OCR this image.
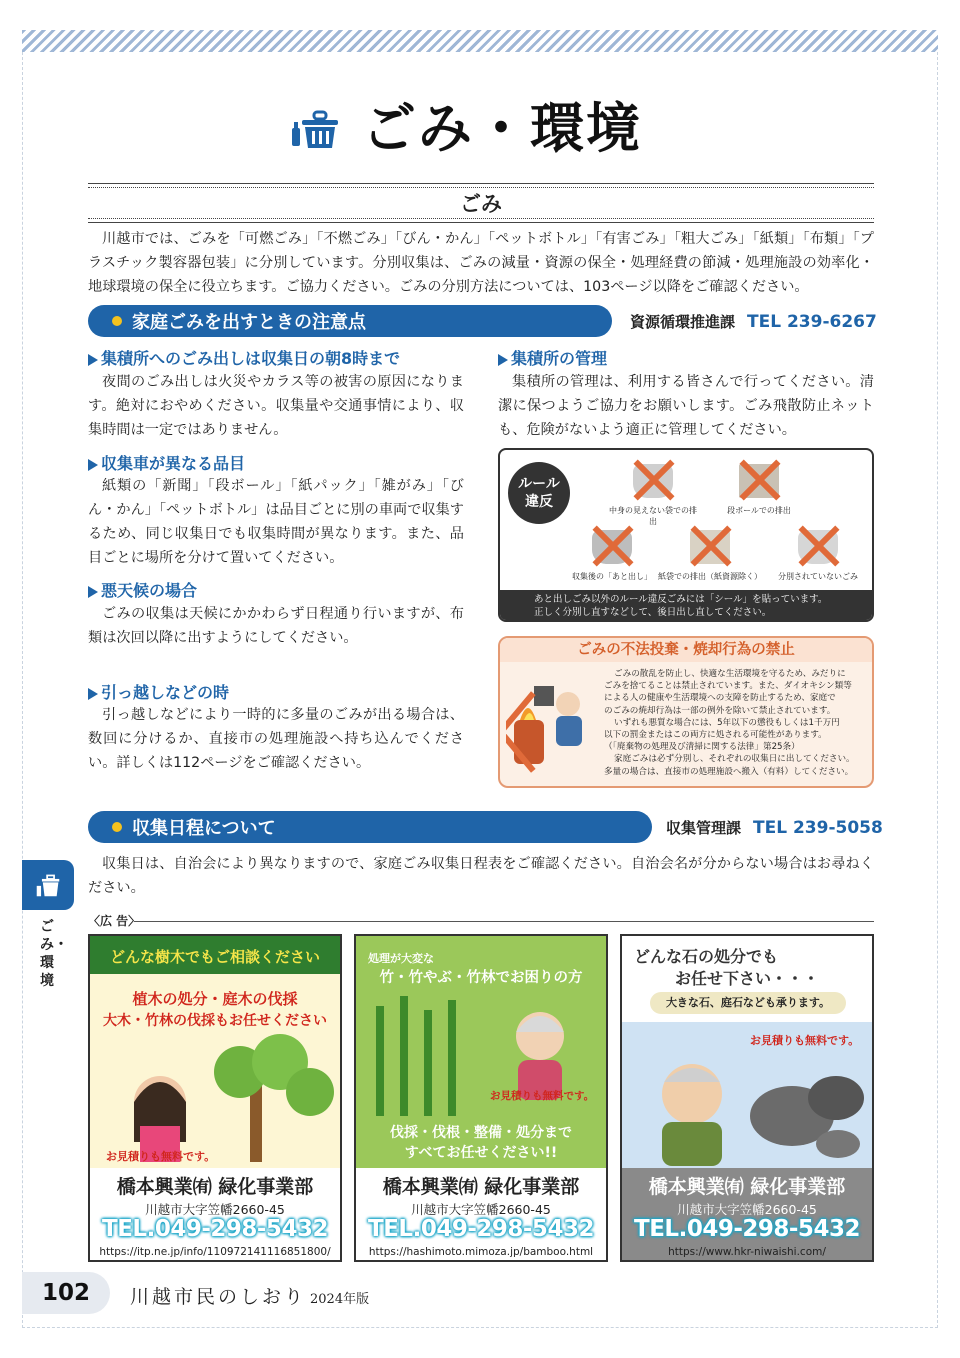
ごみ・環境
ごみ
川越市では、ごみを「可燃ごみ」「不燃ごみ」「びん・かん」「ペットボトル」「有害ごみ」「粗大ごみ」「紙類」「布類」「プラスチック製容器包装」に分別しています。分別収集は、ごみの減量・資源の保全・処理経費の節減・処理施設の効率化・地球環境の保全に役立ちます。ご協力ください。ごみの分別方法については、103ページ以降をご確認ください。
家庭ごみを出すときの注意点	資源循環推進課 TEL 239-6267
集積所へのごみ出しは収集日の朝8時まで
夜間のごみ出しは火災やカラス等の被害の原因になります。絶対におやめください。収集量や交通事情により、収集時間は一定ではありません。
収集車が異なる品目
紙類の「新聞」「段ボール」「紙パック」「雑がみ」「びん・かん」「ペットボトル」は品目ごとに別の車両で収集するため、同じ収集日でも収集時間が異なります。また、品目ごとに場所を分けて置いてください。
悪天候の場合
ごみの収集は天候にかかわらず日程通り行いますが、布類は次回以降に出すようにしてください。
引っ越しなどの時
引っ越しなどにより一時的に多量のごみが出る場合は、数回に分けるか、直接市の処理施設へ持ち込んでください。詳しくは112ページをご確認ください。
集積所の管理
集積所の管理は、利用する皆さんで行ってください。清潔に保つようご協力をお願いします。ごみ飛散防止ネットも、危険がないよう適正に管理してください。
ルール
違反
中身の見えない袋での排出
段ボールでの排出
収集後の「あと出し」 紙袋での排出（紙資源除く）	分別されていないごみ
あと出しごみ以外のルール違反ごみには「シール」を貼っています。
正しく分別し直すなどして、後日出し直してください。
ごみの不法投棄・焼却行為の禁止
ごみの散乱を防止し、快適な生活環境を守るため、みだりに
ごみを捨てることは禁止されています。また、ダイオキシン類等
による人の健康や生活環境への支障を防止するため、家庭で
のごみの焼却行為は一部の例外を除いて禁止されています。
いずれも悪質な場合には、5年以下の懲役もしくは1千万円
以下の罰金またはこの両方に処される可能性があります。
（「廃棄物の処理及び清掃に関する法律」第25条）
家庭ごみは必ず分別し、それぞれの収集日に出してください。
多量の場合は、直接市の処理施設へ搬入（有料）してください。
収集日程について	収集管理課 TEL 239-5058
収集日は、自治会により異なりますので、家庭ごみ収集日程表をご確認ください。自治会名が分からない場合はお尋ねください。
ごみ・環境
〈広 告〉
どんな樹木でもご相談ください
植木の処分・庭木の伐採
大木・竹林の伐採もお任せください
お見積りも無料です。
橋本興業㈲ 緑化事業部
川越市大字笠幡2660-45
TEL.049-298-5432
https://itp.ne.jp/info/110972141116851800/
処理が大変な
竹・竹やぶ・竹林でお困りの方
お見積りも無料です。
伐採・伐根・整備・処分まで
すべてお任せください!!
橋本興業㈲ 緑化事業部
川越市大字笠幡2660-45
TEL.049-298-5432
https://hashimoto.mimoza.jp/bamboo.html
どんな石の処分でも
お任せ下さい・・・
大きな石、庭石なども承ります。
お見積りも無料です。
橋本興業㈲ 緑化事業部
川越市大字笠幡2660-45
TEL.049-298-5432
https://www.hkr-niwaishi.com/
102	川越市民のしおり 2024年版
